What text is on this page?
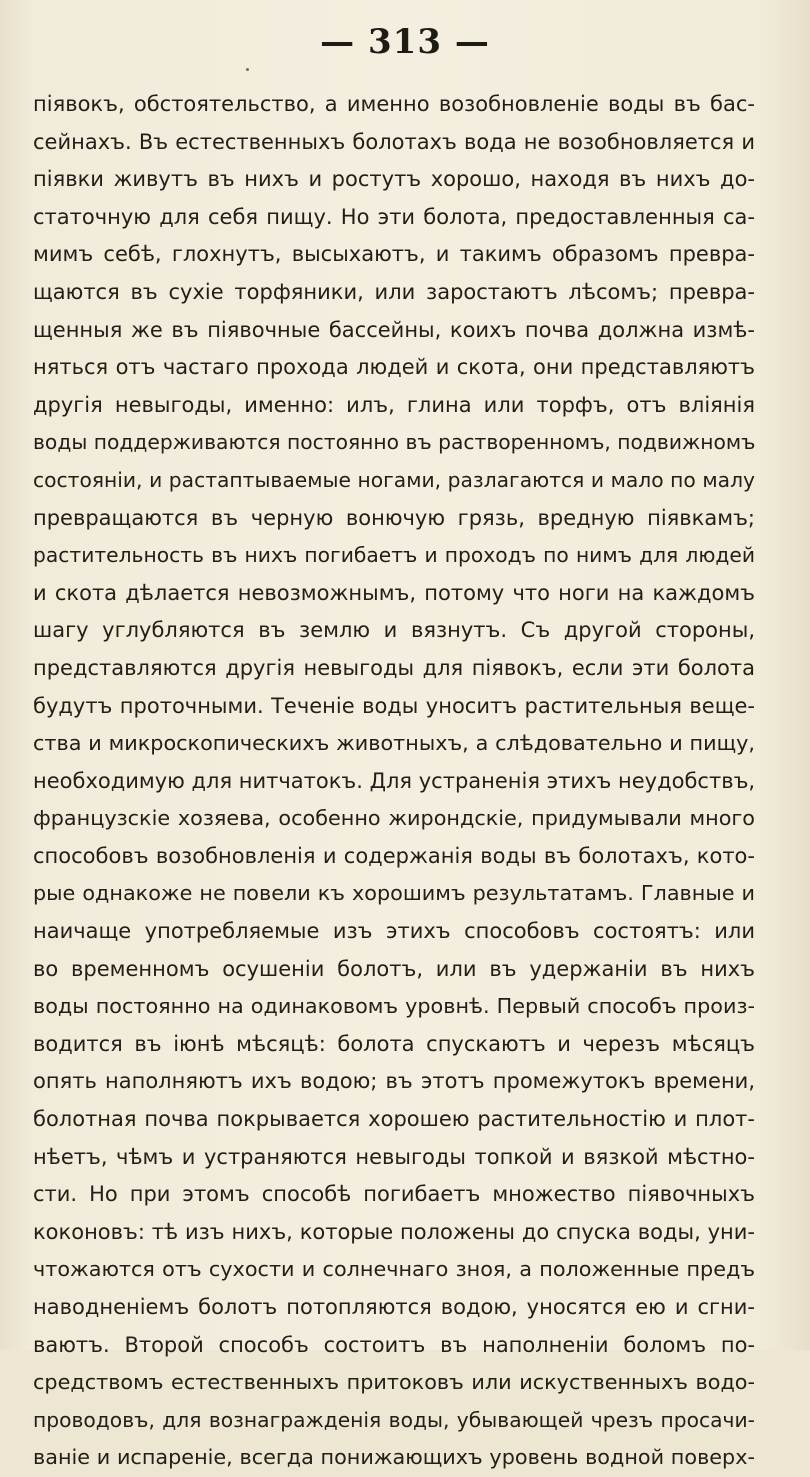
— 313 —
піявокъ, обстоятельство, а именно возобновленіе воды въ бас-
сейнахъ. Въ естественныхъ болотахъ вода не возобновляется и
піявки живутъ въ нихъ и ростутъ хорошо, находя въ нихъ до-
статочную для себя пищу. Но эти болота, предоставленныя са-
мимъ себѣ, глохнутъ, высыхаютъ, и такимъ образомъ превра-
щаются въ сухіе торфяники, или заростаютъ лѣсомъ; превра-
щенныя же въ піявочные бассейны, коихъ почва должна измѣ-
няться отъ частаго прохода людей и скота, они представляютъ
другія невыгоды, именно: илъ, глина или торфъ, отъ вліянія
воды поддерживаются постоянно въ растворенномъ, подвижномъ
состояніи, и растаптываемые ногами, разлагаются и мало по малу
превращаются въ черную вонючую грязь, вредную піявкамъ;
растительность въ нихъ погибаетъ и проходъ по нимъ для людей
и скота дѣлается невозможнымъ, потому что ноги на каждомъ
шагу углубляются въ землю и вязнутъ. Съ другой стороны,
представляются другія невыгоды для піявокъ, если эти болота
будутъ проточными. Теченіе воды уноситъ растительныя веще-
ства и микроскопическихъ животныхъ, а слѣдовательно и пищу,
необходимую для нитчатокъ. Для устраненія этихъ неудобствъ,
французскіе хозяева, особенно жирондскіе, придумывали много
способовъ возобновленія и содержанія воды въ болотахъ, кото-
рые однакоже не повели къ хорошимъ результатамъ. Главные и
наичаще употребляемые изъ этихъ способовъ состоятъ: или
во временномъ осушеніи болотъ, или въ удержаніи въ нихъ
воды постоянно на одинаковомъ уровнѣ. Первый способъ произ-
водится въ іюнѣ мѣсяцѣ: болота спускаютъ и черезъ мѣсяцъ
опять наполняютъ ихъ водою; въ этотъ промежутокъ времени,
болотная почва покрывается хорошею растительностію и плот-
нѣетъ, чѣмъ и устраняются невыгоды топкой и вязкой мѣстно-
сти. Но при этомъ способѣ погибаетъ множество піявочныхъ
коконовъ: тѣ изъ нихъ, которые положены до спуска воды, уни-
чтожаются отъ сухости и солнечнаго зноя, а положенные предъ
наводненіемъ болотъ потопляются водою, уносятся ею и сгни-
ваютъ. Второй способъ состоитъ въ наполненіи боломъ по-
средствомъ естественныхъ притоковъ или искуственныхъ водо-
проводовъ, для вознагражденія воды, убывающей чрезъ просачи-
ваніе и испареніе, всегда понижающихъ уровень водной поверх-
